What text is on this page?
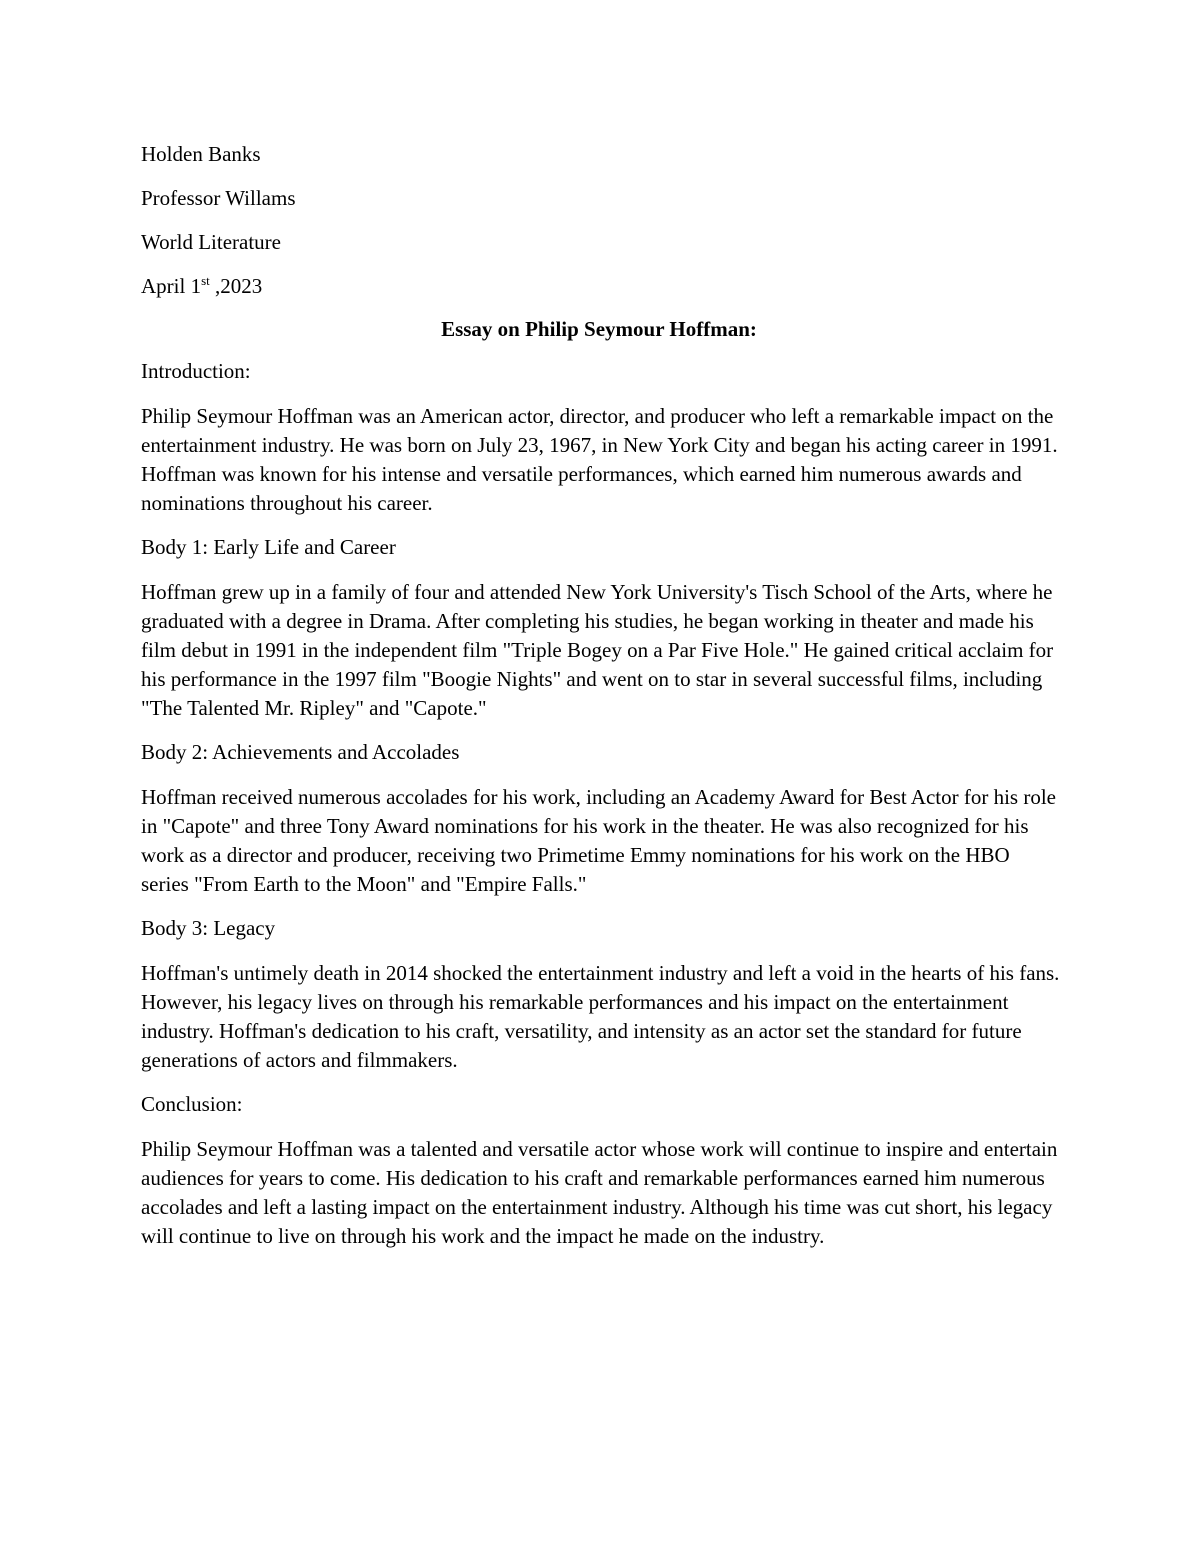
Holden Banks

Professor Willams

World Literature

April 1st ,2023

Essay on Philip Seymour Hoffman:

Introduction:

Philip Seymour Hoffman was an American actor, director, and producer who left a remarkable impact on the entertainment industry. He was born on July 23, 1967, in New York City and began his acting career in 1991. Hoffman was known for his intense and versatile performances, which earned him numerous awards and nominations throughout his career.

Body 1: Early Life and Career

Hoffman grew up in a family of four and attended New York University's Tisch School of the Arts, where he graduated with a degree in Drama. After completing his studies, he began working in theater and made his film debut in 1991 in the independent film "Triple Bogey on a Par Five Hole." He gained critical acclaim for his performance in the 1997 film "Boogie Nights" and went on to star in several successful films, including "The Talented Mr. Ripley" and "Capote."

Body 2: Achievements and Accolades

Hoffman received numerous accolades for his work, including an Academy Award for Best Actor for his role in "Capote" and three Tony Award nominations for his work in the theater. He was also recognized for his work as a director and producer, receiving two Primetime Emmy nominations for his work on the HBO series "From Earth to the Moon" and "Empire Falls."

Body 3: Legacy

Hoffman's untimely death in 2014 shocked the entertainment industry and left a void in the hearts of his fans. However, his legacy lives on through his remarkable performances and his impact on the entertainment industry. Hoffman's dedication to his craft, versatility, and intensity as an actor set the standard for future generations of actors and filmmakers.

Conclusion:

Philip Seymour Hoffman was a talented and versatile actor whose work will continue to inspire and entertain audiences for years to come. His dedication to his craft and remarkable performances earned him numerous accolades and left a lasting impact on the entertainment industry. Although his time was cut short, his legacy will continue to live on through his work and the impact he made on the industry.
